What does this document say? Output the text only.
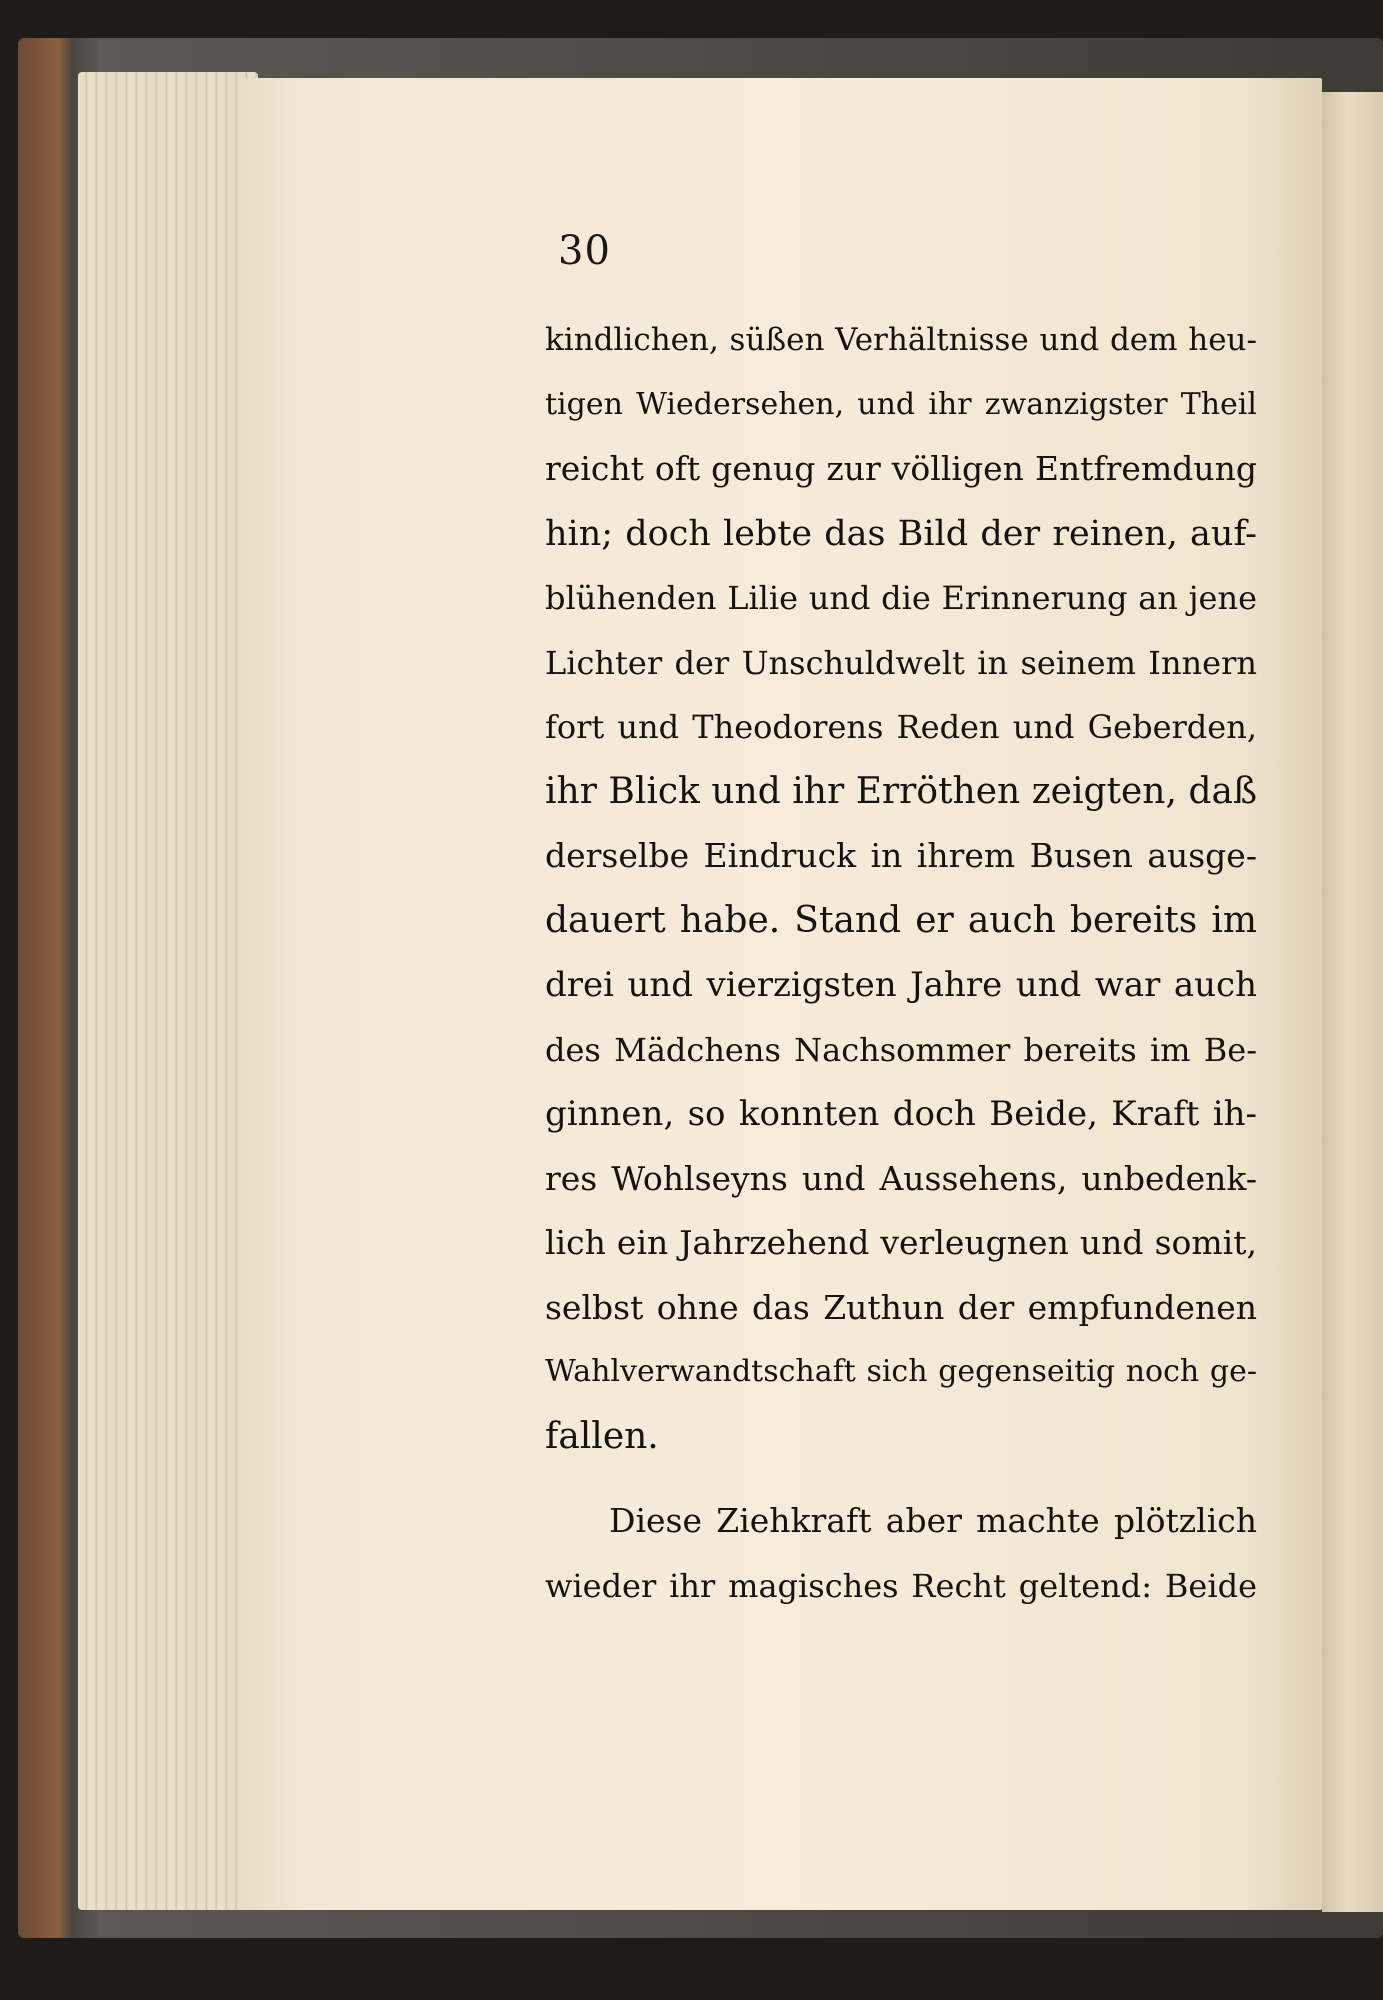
30
kindlichen, süßen Verhältnisse und dem heu-
tigen Wiedersehen, und ihr zwanzigster Theil
reicht oft genug zur völligen Entfremdung
hin; doch lebte das Bild der reinen, auf-
blühenden Lilie und die Erinnerung an jene
Lichter der Unschuldwelt in seinem Innern
fort und Theodorens Reden und Geberden,
ihr Blick und ihr Erröthen zeigten, daß
derselbe Eindruck in ihrem Busen ausge-
dauert habe. Stand er auch bereits im
drei und vierzigsten Jahre und war auch
des Mädchens Nachsommer bereits im Be-
ginnen, so konnten doch Beide, Kraft ih-
res Wohlseyns und Aussehens, unbedenk-
lich ein Jahrzehend verleugnen und somit,
selbst ohne das Zuthun der empfundenen
Wahlverwandtschaft sich gegenseitig noch ge-
fallen.
Diese Ziehkraft aber machte plötzlich
wieder ihr magisches Recht geltend: Beide
